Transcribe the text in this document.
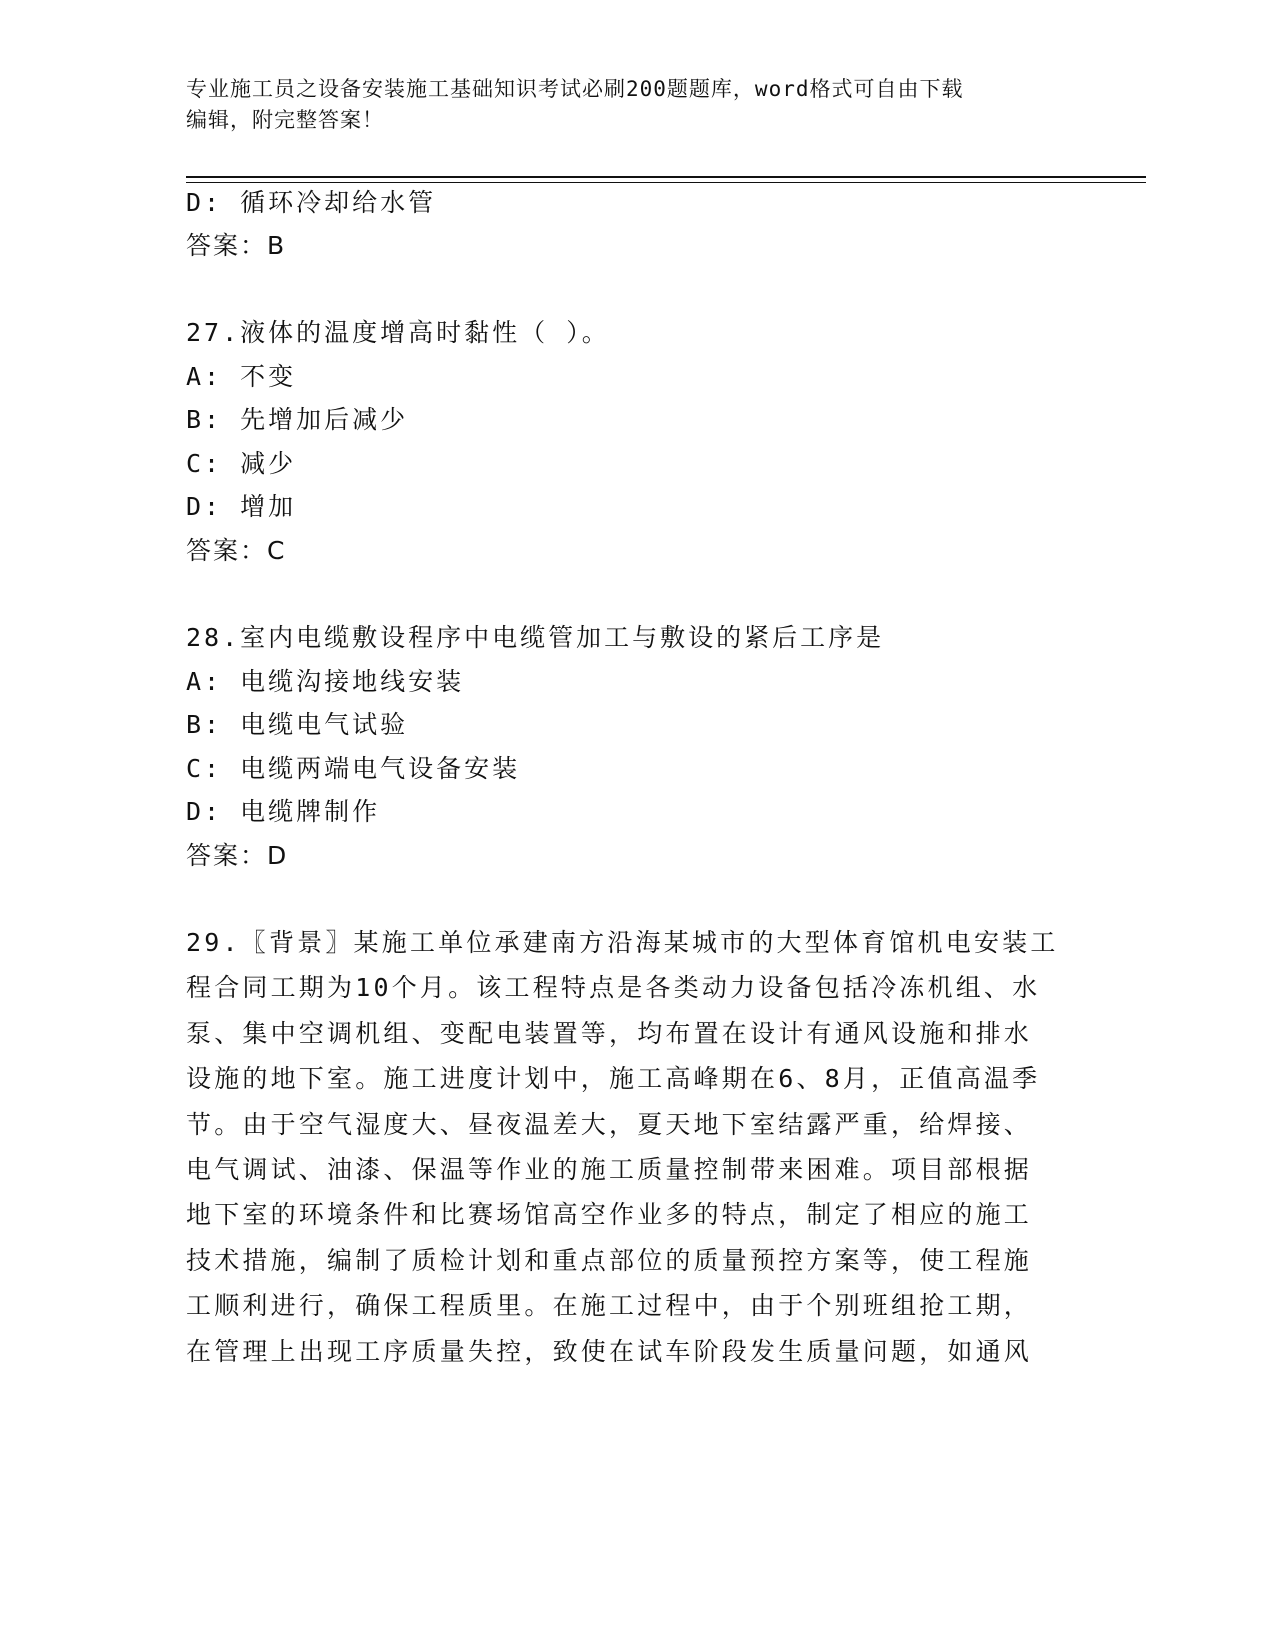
专业施工员之设备安装施工基础知识考试必刷200题题库，word格式可自由下载
编辑，附完整答案！
D: 循环冷却给水管
答案：B
27.液体的温度增高时黏性（ ）。
A: 不变
B: 先增加后减少
C: 减少
D: 增加
答案：C
28.室内电缆敷设程序中电缆管加工与敷设的紧后工序是
A: 电缆沟接地线安装
B: 电缆电气试验
C: 电缆两端电气设备安装
D: 电缆牌制作
答案：D
29.〖背景〗某施工单位承建南方沿海某城市的大型体育馆机电安装工
程合同工期为10个月。该工程特点是各类动力设备包括冷冻机组、水
泵、集中空调机组、变配电装置等，均布置在设计有通风设施和排水
设施的地下室。施工进度计划中，施工高峰期在6、8月，正值高温季
节。由于空气湿度大、昼夜温差大，夏天地下室结露严重，给焊接、
电气调试、油漆、保温等作业的施工质量控制带来困难。项目部根据
地下室的环境条件和比赛场馆高空作业多的特点，制定了相应的施工
技术措施，编制了质检计划和重点部位的质量预控方案等，使工程施
工顺利进行，确保工程质里。在施工过程中，由于个别班组抢工期，
在管理上出现工序质量失控，致使在试车阶段发生质量问题，如通风
